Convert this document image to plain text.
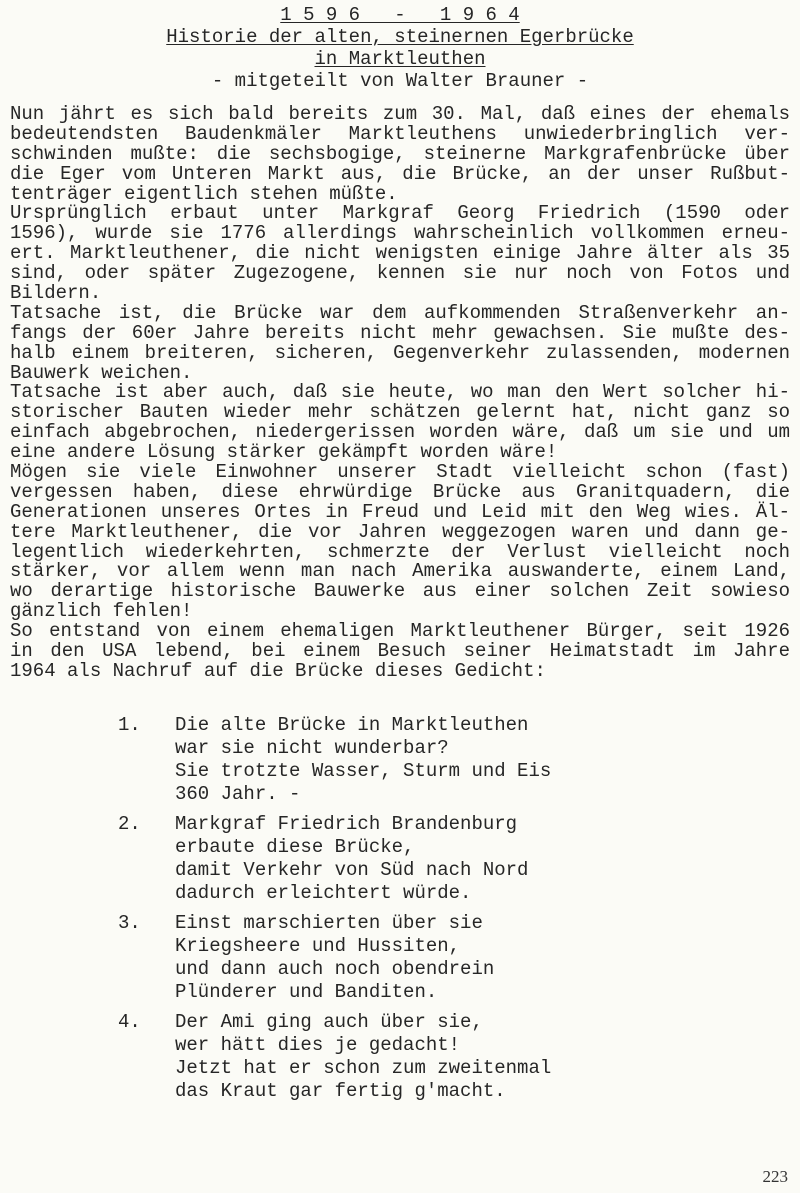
1 5 9 6   -   1 9 6 4
Historie der alten, steinernen Egerbrücke
in Marktleuthen
- mitgeteilt von Walter Brauner -
Nun jährt es sich bald bereits zum 30. Mal, daß eines der ehemals
bedeutendsten Baudenkmäler Marktleuthens unwiederbringlich ver-
schwinden mußte: die sechsbogige, steinerne Markgrafenbrücke über
die Eger vom Unteren Markt aus, die Brücke, an der unser Rußbut-
tenträger eigentlich stehen müßte.
Ursprünglich erbaut unter Markgraf Georg Friedrich (1590 oder
1596), wurde sie 1776 allerdings wahrscheinlich vollkommen erneu-
ert. Marktleuthener, die nicht wenigsten einige Jahre älter als 35
sind, oder später Zugezogene, kennen sie nur noch von Fotos und
Bildern.
Tatsache ist, die Brücke war dem aufkommenden Straßenverkehr an-
fangs der 60er Jahre bereits nicht mehr gewachsen. Sie mußte des-
halb einem breiteren, sicheren, Gegenverkehr zulassenden, modernen
Bauwerk weichen.
Tatsache ist aber auch, daß sie heute, wo man den Wert solcher hi-
storischer Bauten wieder mehr schätzen gelernt hat, nicht ganz so
einfach abgebrochen, niedergerissen worden wäre, daß um sie und um
eine andere Lösung stärker gekämpft worden wäre!
Mögen sie viele Einwohner unserer Stadt vielleicht schon (fast)
vergessen haben, diese ehrwürdige Brücke aus Granitquadern, die
Generationen unseres Ortes in Freud und Leid mit den Weg wies. Äl-
tere Marktleuthener, die vor Jahren weggezogen waren und dann ge-
legentlich wiederkehrten, schmerzte der Verlust vielleicht noch
stärker, vor allem wenn man nach Amerika auswanderte, einem Land,
wo derartige historische Bauwerke aus einer solchen Zeit sowieso
gänzlich fehlen!
So entstand von einem ehemaligen Marktleuthener Bürger, seit 1926
in den USA lebend, bei einem Besuch seiner Heimatstadt im Jahre
1964 als Nachruf auf die Brücke dieses Gedicht:
1.	Die alte Brücke in Marktleuthen
war sie nicht wunderbar?
Sie trotzte Wasser, Sturm und Eis
360 Jahr. -
2.	Markgraf Friedrich Brandenburg
erbaute diese Brücke,
damit Verkehr von Süd nach Nord
dadurch erleichtert würde.
3.	Einst marschierten über sie
Kriegsheere und Hussiten,
und dann auch noch obendrein
Plünderer und Banditen.
4.	Der Ami ging auch über sie,
wer hätt dies je gedacht!
Jetzt hat er schon zum zweitenmal
das Kraut gar fertig g'macht.
223
